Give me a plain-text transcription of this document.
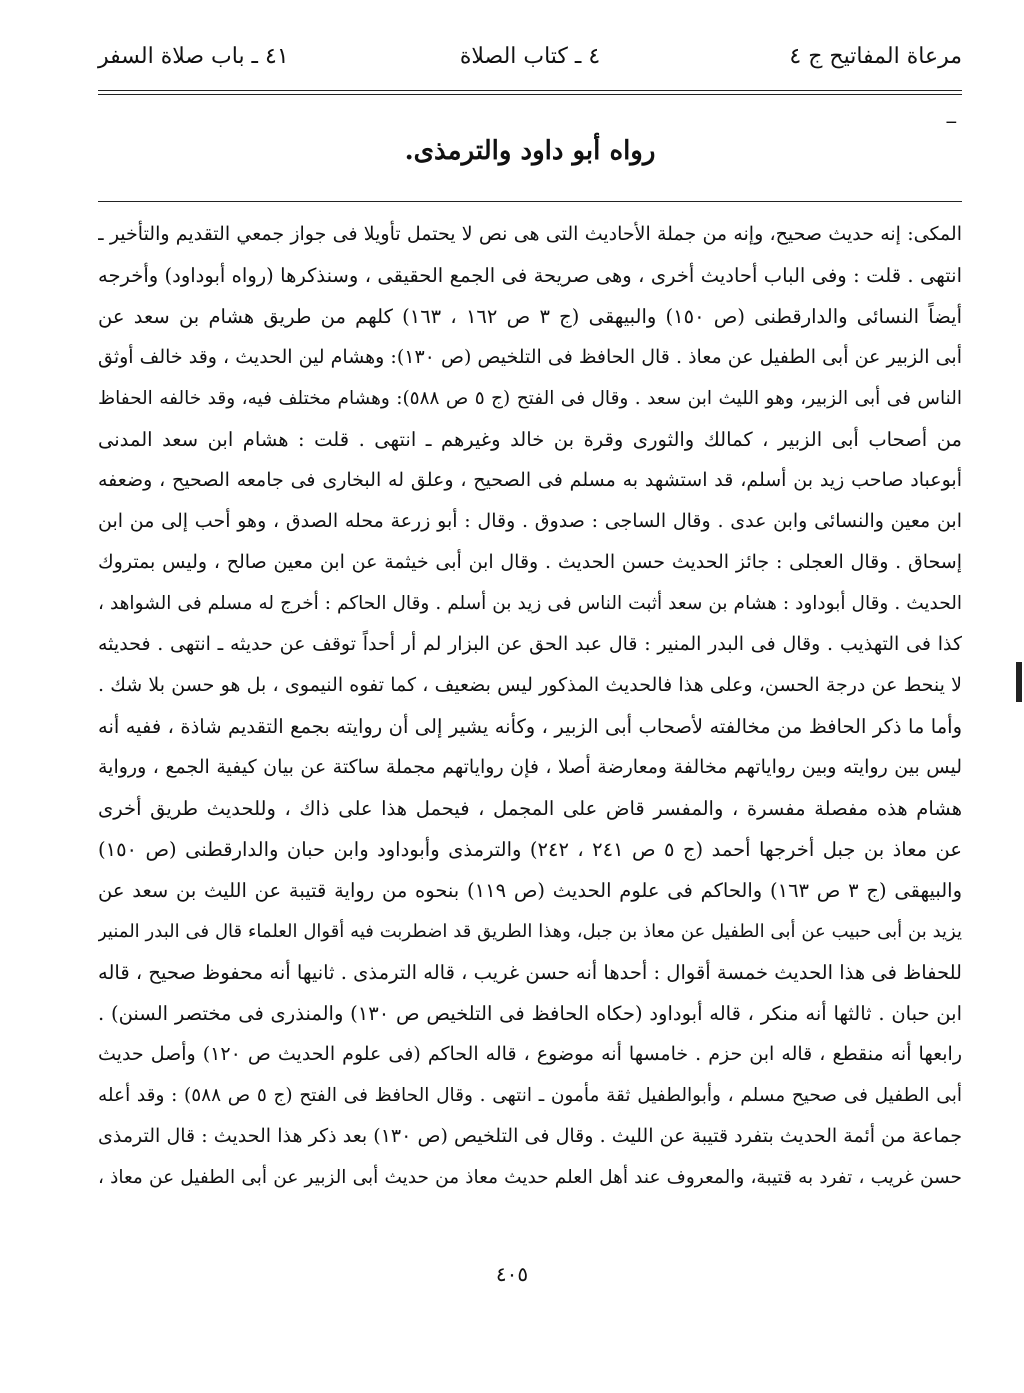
مرعاة المفاتيح ج ٤
٤ ـ كتاب الصلاة
٤١ ـ باب صلاة السفر
ــ
رواه أبو داود والترمذى.
المكى: إنه حديث صحيح، وإنه من جملة الأحاديث التى هى نص لا يحتمل تأويلا فى جواز جمعي التقديم والتأخير ـ
انتهى . قلت : وفى الباب أحاديث أخرى ، وهى صريحة فى الجمع الحقيقى ، وسنذكرها (رواه أبوداود) وأخرجه
أيضاً النسائى والدارقطنى (ص ١٥٠) والبيهقى (ج ٣ ص ١٦٢ ، ١٦٣) كلهم من طريق هشام بن سعد عن
أبى الزبير عن أبى الطفيل عن معاذ . قال الحافظ فى التلخيص (ص ١٣٠): وهشام لين الحديث ، وقد خالف أوثق
الناس فى أبى الزبير، وهو الليث ابن سعد . وقال فى الفتح (ج ٥ ص ٥٨٨): وهشام مختلف فيه، وقد خالفه الحفاظ
من أصحاب أبى الزبير ، كمالك والثورى وقرة بن خالد وغيرهم ـ انتهى . قلت : هشام ابن سعد المدنى
أبوعباد صاحب زيد بن أسلم، قد استشهد به مسلم فى الصحيح ، وعلق له البخارى فى جامعه الصحيح ، وضعفه
ابن معين والنسائى وابن عدى . وقال الساجى : صدوق . وقال : أبو زرعة محله الصدق ، وهو أحب إلى من ابن
إسحاق . وقال العجلى : جائز الحديث حسن الحديث . وقال ابن أبى خيثمة عن ابن معين صالح ، وليس بمتروك
الحديث . وقال أبوداود : هشام بن سعد أثبت الناس فى زيد بن أسلم . وقال الحاكم : أخرج له مسلم فى الشواهد ،
كذا فى التهذيب . وقال فى البدر المنير : قال عبد الحق عن البزار لم أر أحداً توقف عن حديثه ـ انتهى . فحديثه
لا ينحط عن درجة الحسن، وعلى هذا فالحديث المذكور ليس بضعيف ، كما تفوه النيموى ، بل هو حسن بلا شك .
وأما ما ذكر الحافظ من مخالفته لأصحاب أبى الزبير ، وكأنه يشير إلى أن روايته بجمع التقديم شاذة ، ففيه أنه
ليس بين روايته وبين رواياتهم مخالفة ومعارضة أصلا ، فإن رواياتهم مجملة ساكتة عن بيان كيفية الجمع ، ورواية
هشام هذه مفصلة مفسرة ، والمفسر قاض على المجمل ، فيحمل هذا على ذاك ، وللحديث طريق أخرى
عن معاذ بن جبل أخرجها أحمد (ج ٥ ص ٢٤١ ، ٢٤٢) والترمذى وأبوداود وابن حبان والدارقطنى (ص ١٥٠)
والبيهقى (ج ٣ ص ١٦٣) والحاكم فى علوم الحديث (ص ١١٩) بنحوه من رواية قتيبة عن الليث بن سعد عن
يزيد بن أبى حبيب عن أبى الطفيل عن معاذ بن جبل، وهذا الطريق قد اضطربت فيه أقوال العلماء قال فى البدر المنير
للحفاظ فى هذا الحديث خمسة أقوال : أحدها أنه حسن غريب ، قاله الترمذى . ثانيها أنه محفوظ صحيح ، قاله
ابن حبان . ثالثها أنه منكر ، قاله أبوداود (حكاه الحافظ فى التلخيص ص ١٣٠) والمنذرى فى مختصر السنن) .
رابعها أنه منقطع ، قاله ابن حزم . خامسها أنه موضوع ، قاله الحاكم (فى علوم الحديث ص ١٢٠) وأصل حديث
أبى الطفيل فى صحيح مسلم ، وأبوالطفيل ثقة مأمون ـ انتهى . وقال الحافظ فى الفتح (ج ٥ ص ٥٨٨) : وقد أعله
جماعة من أئمة الحديث بتفرد قتيبة عن الليث . وقال فى التلخيص (ص ١٣٠) بعد ذكر هذا الحديث : قال الترمذى
حسن غريب ، تفرد به قتيبة، والمعروف عند أهل العلم حديث معاذ من حديث أبى الزبير عن أبى الطفيل عن معاذ ،
٤٠٥
